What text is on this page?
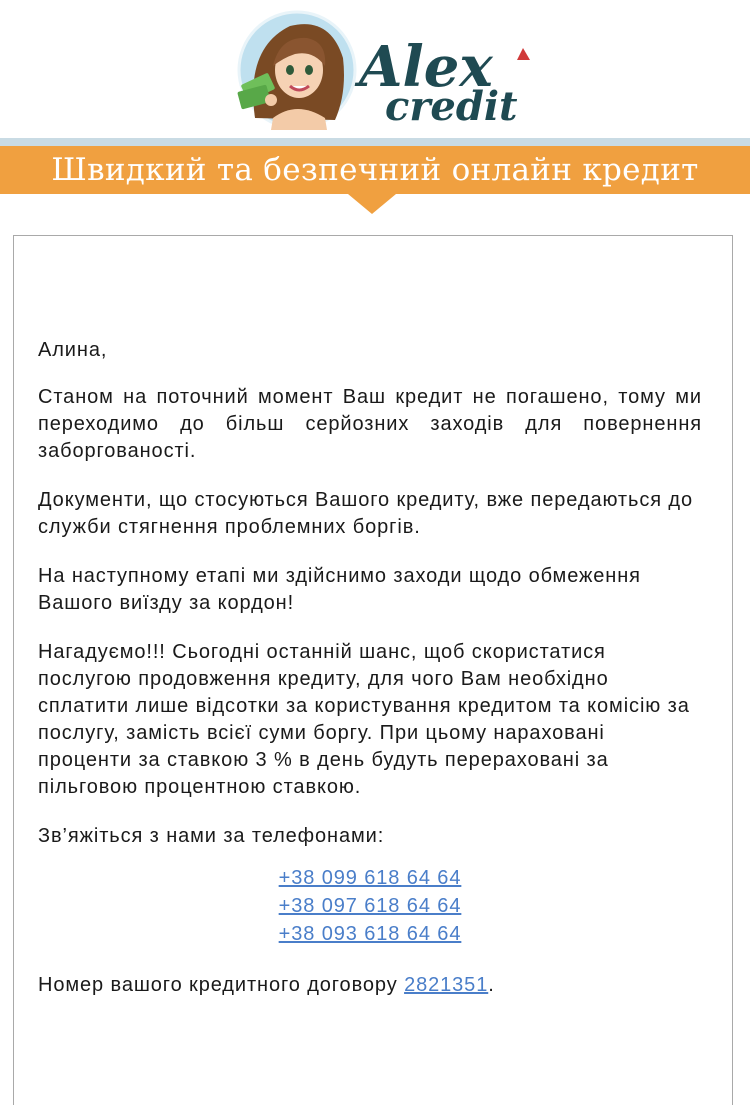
Alex
credit
Швидкий та безпечний онлайн кредит

Алина,

Станом на поточний момент Ваш кредит не погашено, тому ми переходимо до більш серйозних заходів для повернення заборгованості.

Документи, що стосуються Вашого кредиту, вже передаються до служби стягнення проблемних боргів.

На наступному етапі ми здійснимо заходи щодо обмеження Вашого виїзду за кордон!

Нагадуємо!!! Сьогодні останній шанс, щоб скористатися послугою продовження кредиту, для чого Вам необхідно сплатити лише відсотки за користування кредитом та комісію за послугу, замість всієї суми боргу. При цьому нараховані проценти за ставкою 3 % в день будуть перераховані за пільговою процентною ставкою.

Зв’яжіться з нами за телефонами:

+38 099 618 64 64
+38 097 618 64 64
+38 093 618 64 64

Номер вашого кредитного договору 2821351.
